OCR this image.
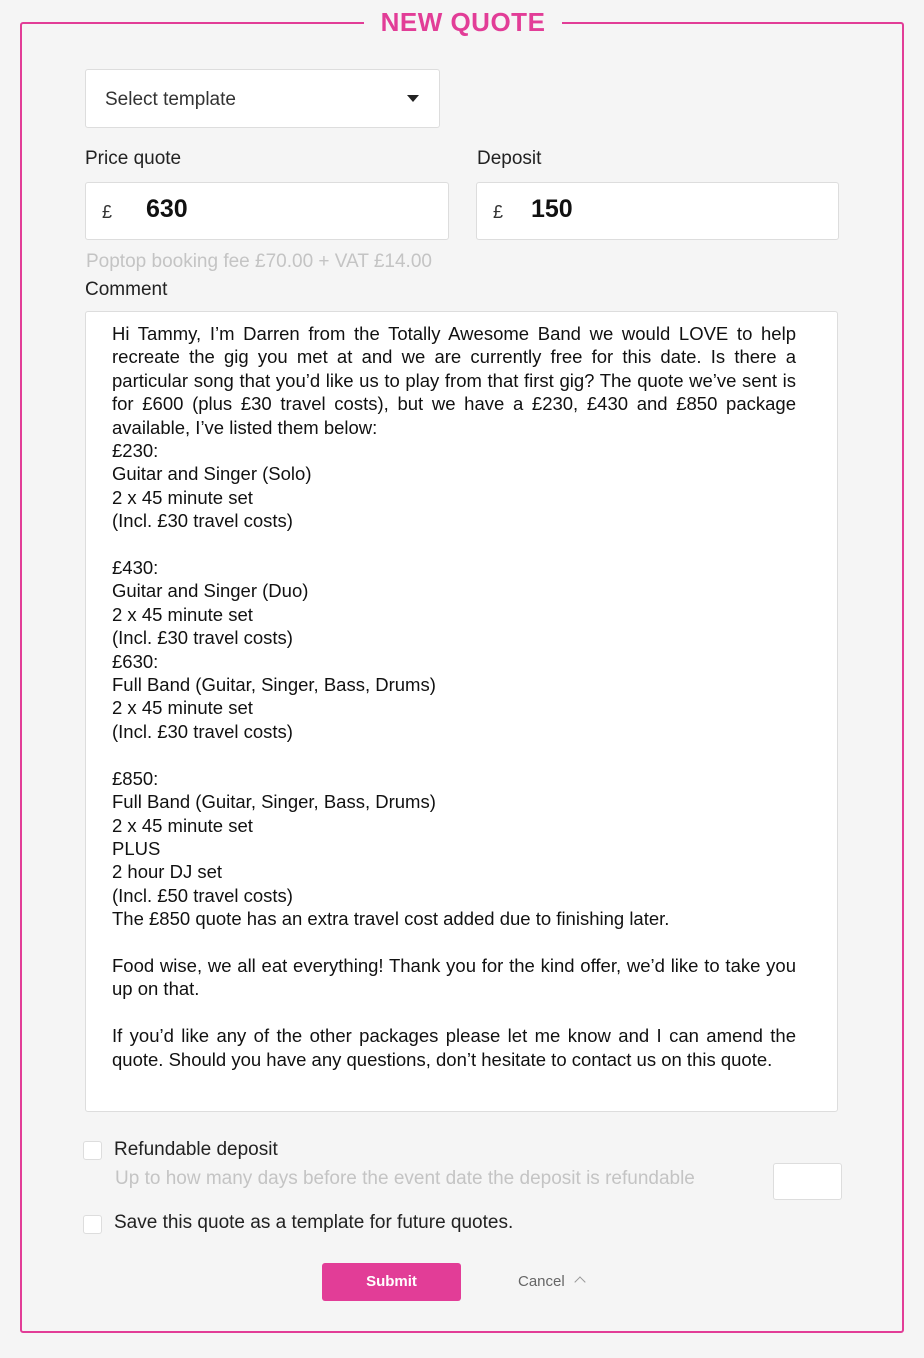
NEW QUOTE
Select template
Price quote	Deposit
£ 630	£ 150
Poptop booking fee £70.00 + VAT £14.00
Comment

Hi Tammy, I’m Darren from the Totally Awesome Band we would LOVE to help recreate the gig you met at and we are currently free for this date. Is there a particular song that you’d like us to play from that first gig? The quote we’ve sent is for £600 (plus £30 travel costs), but we have a £230, £430 and £850 package available, I’ve listed them below:

£230:
Guitar and Singer (Solo)
2 x 45 minute set
(Incl. £30 travel costs)
£430:
Guitar and Singer (Duo)
2 x 45 minute set
(Incl. £30 travel costs)
£630:
Full Band (Guitar, Singer, Bass, Drums)
2 x 45 minute set
(Incl. £30 travel costs)
£850:
Full Band (Guitar, Singer, Bass, Drums)
2 x 45 minute set
PLUS
2 hour DJ set
(Incl. £50 travel costs)
The £850 quote has an extra travel cost added due to finishing later.

Food wise, we all eat everything! Thank you for the kind offer, we’d like to take you up on that.

If you’d like any of the other packages please let me know and I can amend the quote. Should you have any questions, don’t hesitate to contact us on this quote.

Refundable deposit
Up to how many days before the event date the deposit is refundable
Save this quote as a template for future quotes.
Submit	Cancel
